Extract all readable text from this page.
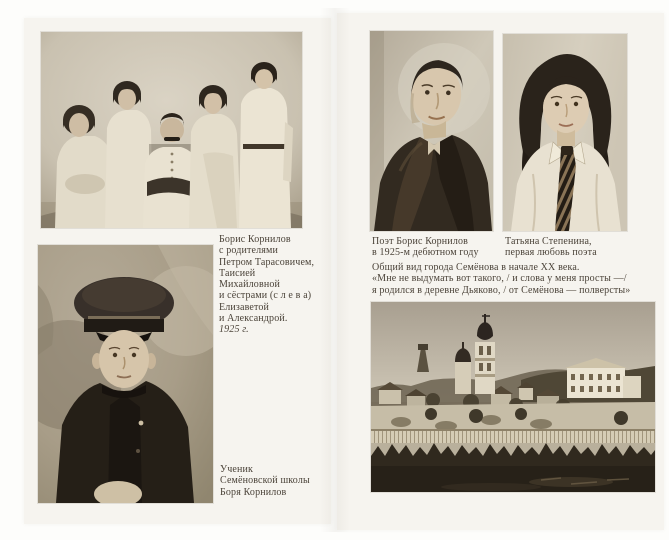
Борис Корнилов
с родителями
Петром Тарасовичем,
Таисией
Михайловной
и сёстрами (с л е в а)
Елизаветой
и Александрой.
1925 г.
Ученик
Семёновской школы
Боря Корнилов
Поэт Борис Корнилов
в 1925-м дебютном году
Татьяна Степенина,
первая любовь поэта
Общий вид города Семёнова в начале XX века.
«Мне не выдумать вот такого, / и слова у меня просты —/
я родился в деревне Дьяково, / от Семёнова — полверсты»
